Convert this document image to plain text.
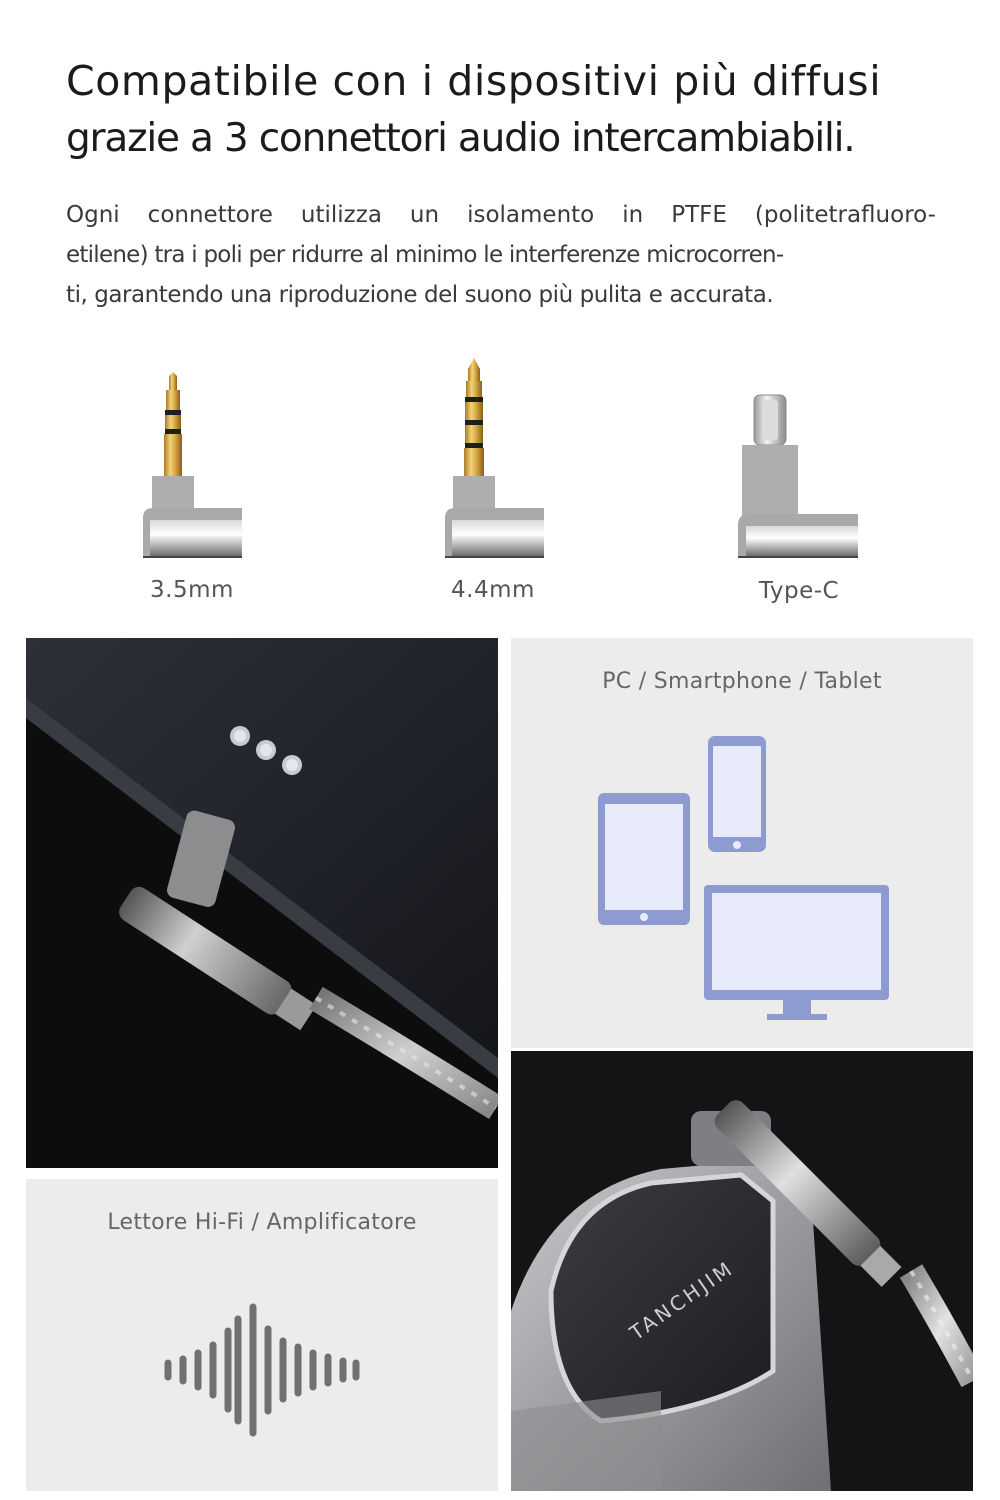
Compatibile con i dispositivi più diffusi
grazie a 3 connettori audio intercambiabili.
Ogni connettore utilizza un isolamento in PTFE (politetrafluoro-
etilene) tra i poli per ridurre al minimo le interferenze microcorren-
ti, garantendo una riproduzione del suono più pulita e accurata.
3.5mm	4.4mm	Type-C
PC / Smartphone / Tablet
Lettore Hi-Fi / Amplificatore
TANCHJIM
